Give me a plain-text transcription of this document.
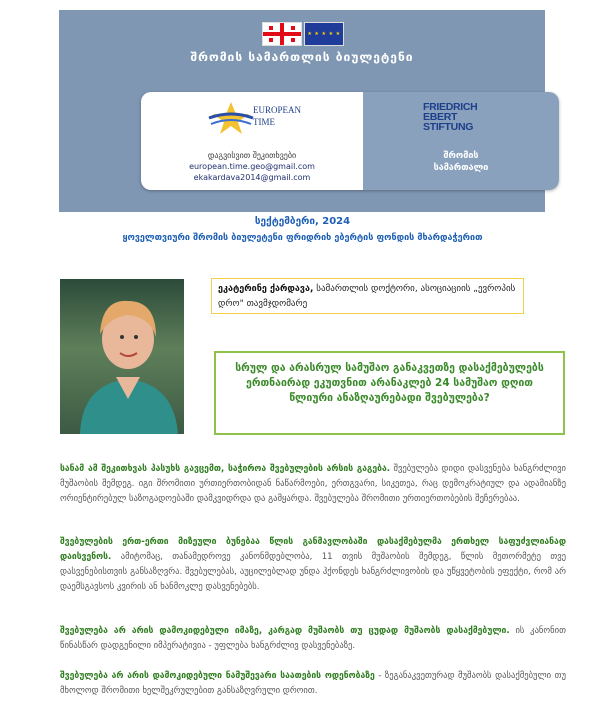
★ ★ ★ ★ ★
შრომის სამართლის ბიულეტენი
EUROPEAN
TIME
დაგვისვით შეკითხვები
european.time.geo@gmail.com
ekakardava2014@gmail.com
FRIEDRICH
EBERT
STIFTUNG
შრომის
სამართალი
სექტემბერი, 2024
ყოველთვიური შრომის ბიულეტენი ფრიდრიხ ებერტის ფონდის მხარდაჭერით
ეკატერინე ქარდავა, სამართლის დოქტორი, ასოციაციის „ევროპის დრო" თავმჯდომარე
სრულ და არასრულ სამუშაო განაკვეთზე დასაქმებულებს ერთნაირად ეკუთვნით არანაკლებ 24 სამუშაო დღით წლიური ანაზღაურებადი შვებულება?
სანამ ამ შეკითხვას პასუხს გავცემთ, საჭიროა შვებულების არსის გაგება. შვებულება დიდი დასვენება ხანგრძლივი მუშაობის შემდეგ. იგი შრომითი ურთიერთობიდან ნაწარმოები, ერთგვარი, სიკეთეა, რაც დემოკრატიულ და ადამიანზე ორიენტირებულ საზოგადოებაში დამკვიდრდა და გამყარდა. შვებულება შრომითი ურთიერთობების შეჩერებაა.
შვებულების ერთ-ერთი მიზეული ბუნებაა წლის განმავლობაში დასაქმებულმა ერთხელ საფუძვლიანად დაისვენოს. ამიტომაც, თანამედროვე კანონმდებლობა, 11 თვის მუშაობის შემდეგ, წლის მეთორმეტე თვე დასვენებისთვის განსაზღვრა. შვებულებას, აუცილებლად უნდა ჰქონდეს ხანგრძლივობის და უწყვეტობის ეფექტი, რომ არ დაემსგავსოს კვირის ან ხანმოკლე დასვენებებს.
შვებულება არ არის დამოკიდებული იმაზე, კარგად მუშაობს თუ ცუდად მუშაობს დასაქმებული. ის კანონით წინასწარ დადგენილი იმპერატივია - უფლება ხანგრძლივ დასვენებაზე.
შვებულება არ არის დამოკიდებული ნამუშევარი საათების ოდენობაზე - ზეგანაკვეთურად მუშაობს დასაქმებული თუ მხოლოდ შრომითი ხელშეკრულებით განსაზღვრული დროით.
